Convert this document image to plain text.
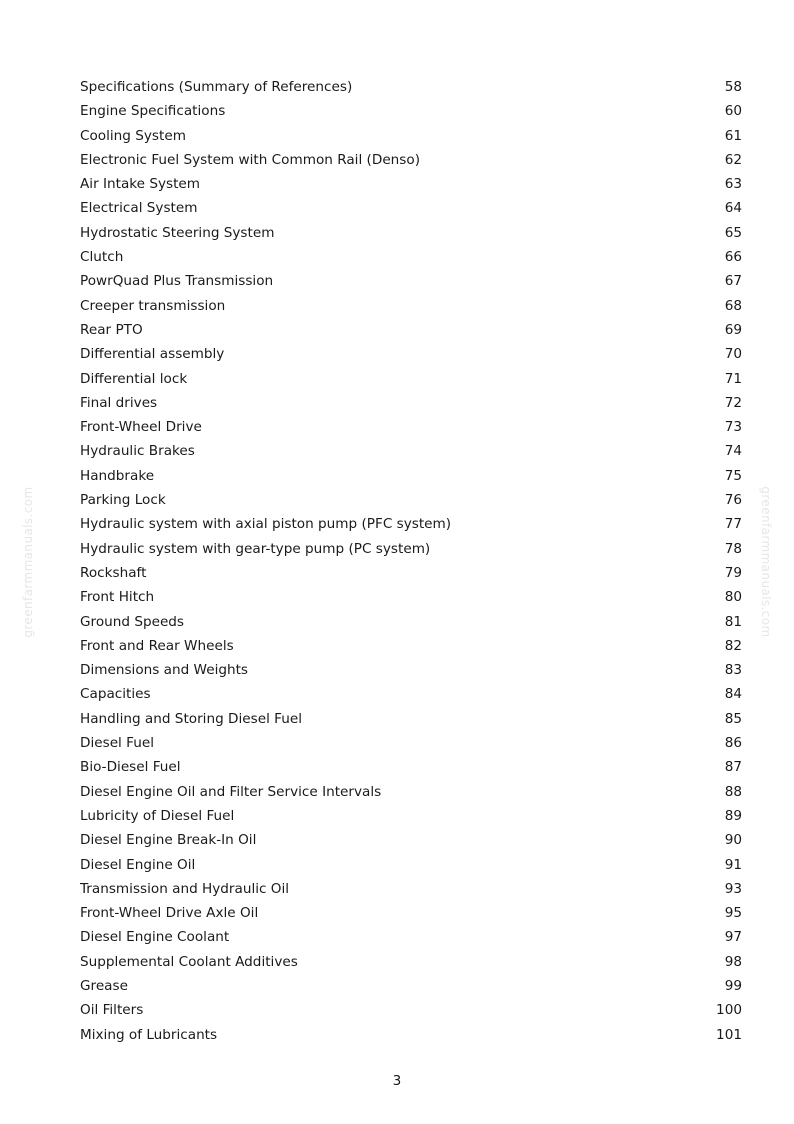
Specifications (Summary of References)	58
Engine Specifications	60
Cooling System	61
Electronic Fuel System with Common Rail (Denso)	62
Air Intake System	63
Electrical System	64
Hydrostatic Steering System	65
Clutch	66
PowrQuad Plus Transmission	67
Creeper transmission	68
Rear PTO	69
Differential assembly	70
Differential lock	71
Final drives	72
Front-Wheel Drive	73
Hydraulic Brakes	74
Handbrake	75
Parking Lock	76
Hydraulic system with axial piston pump (PFC system)	77
Hydraulic system with gear-type pump (PC system)	78
Rockshaft	79
Front Hitch	80
Ground Speeds	81
Front and Rear Wheels	82
Dimensions and Weights	83
Capacities	84
Handling and Storing Diesel Fuel	85
Diesel Fuel	86
Bio-Diesel Fuel	87
Diesel Engine Oil and Filter Service Intervals	88
Lubricity of Diesel Fuel	89
Diesel Engine Break-In Oil	90
Diesel Engine Oil	91
Transmission and Hydraulic Oil	93
Front-Wheel Drive Axle Oil	95
Diesel Engine Coolant	97
Supplemental Coolant Additives	98
Grease	99
Oil Filters	100
Mixing of Lubricants	101
greenfarmmanuals.com	greenfarmmanuals.com
3
